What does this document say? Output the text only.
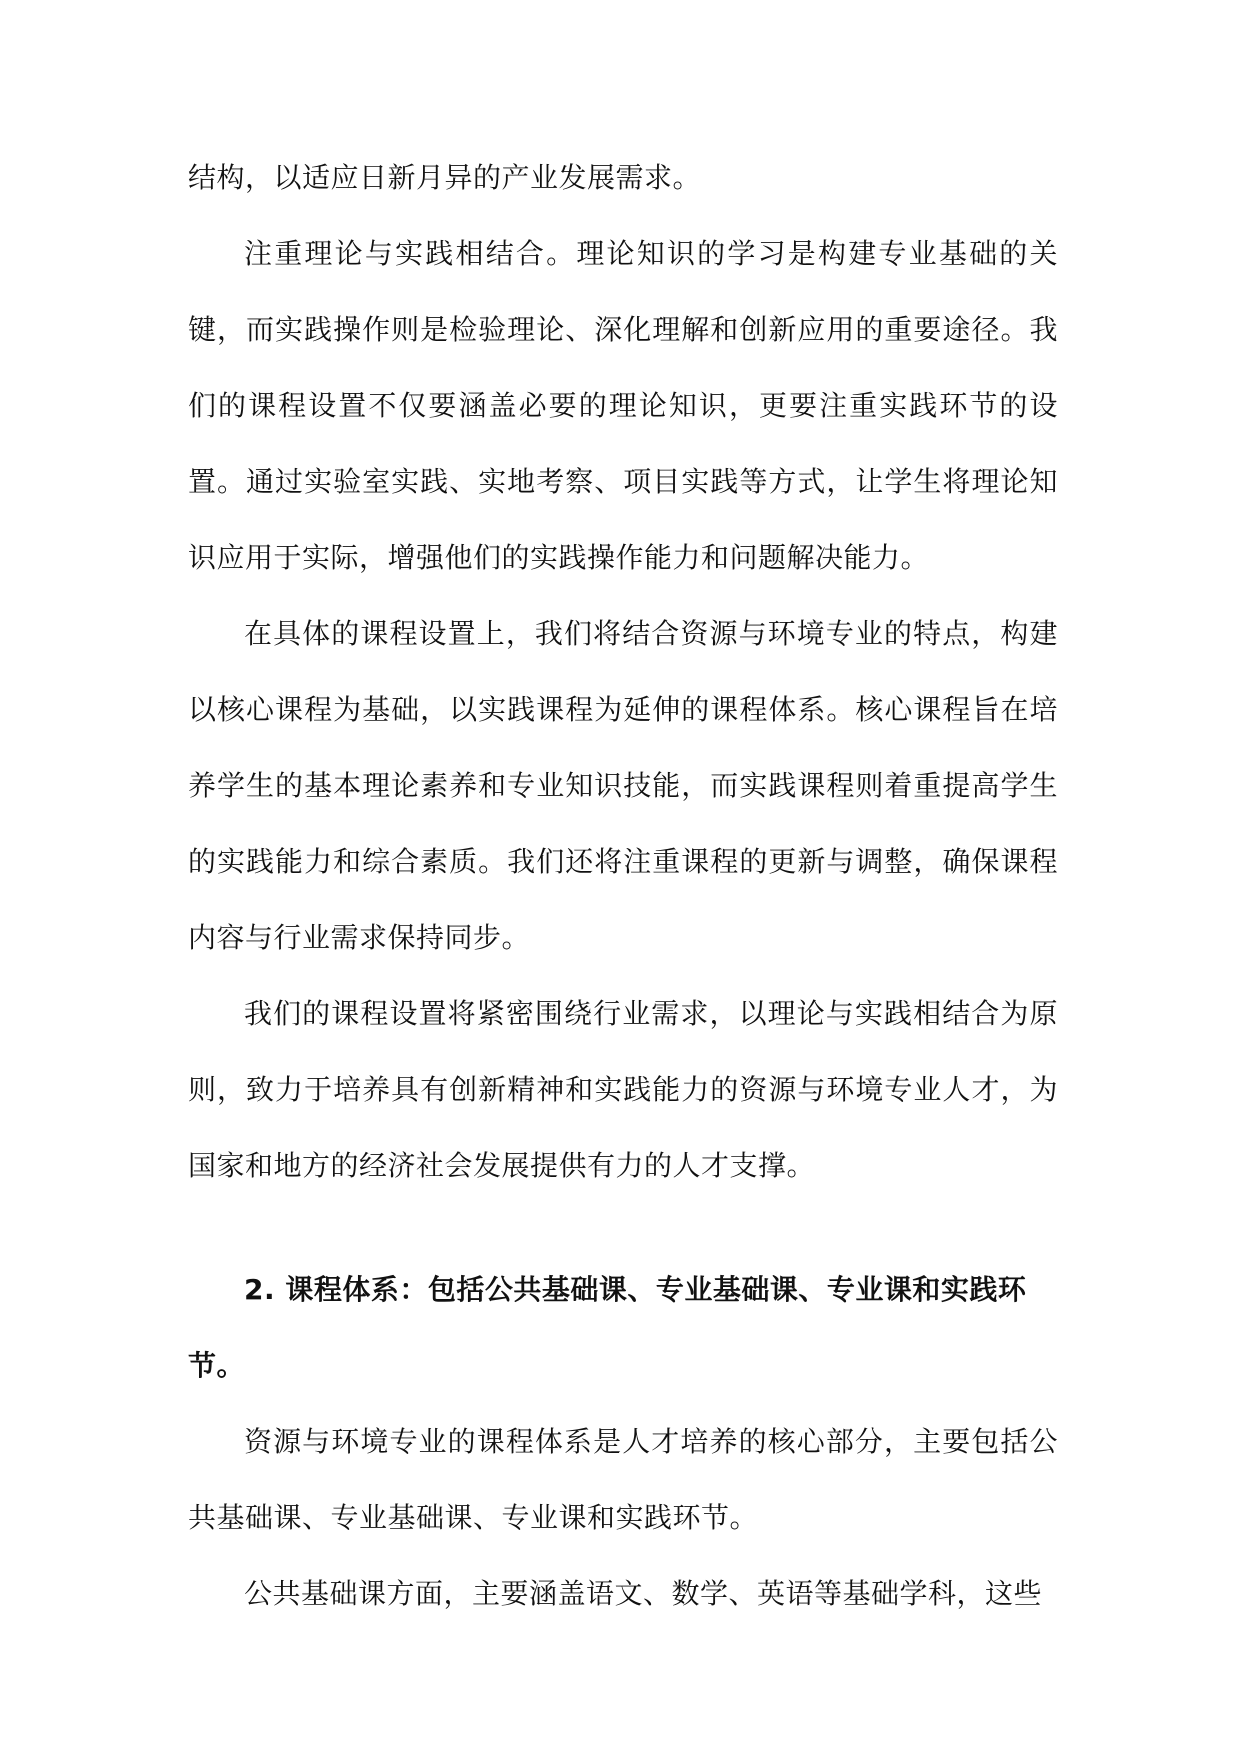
结构，以适应日新月异的产业发展需求。

注重理论与实践相结合。理论知识的学习是构建专业基础的关键，而实践操作则是检验理论、深化理解和创新应用的重要途径。我们的课程设置不仅要涵盖必要的理论知识，更要注重实践环节的设置。通过实验室实践、实地考察、项目实践等方式，让学生将理论知识应用于实际，增强他们的实践操作能力和问题解决能力。

在具体的课程设置上，我们将结合资源与环境专业的特点，构建以核心课程为基础，以实践课程为延伸的课程体系。核心课程旨在培养学生的基本理论素养和专业知识技能，而实践课程则着重提高学生的实践能力和综合素质。我们还将注重课程的更新与调整，确保课程内容与行业需求保持同步。

我们的课程设置将紧密围绕行业需求，以理论与实践相结合为原则，致力于培养具有创新精神和实践能力的资源与环境专业人才，为国家和地方的经济社会发展提供有力的人才支撑。

2. 课程体系：包括公共基础课、专业基础课、专业课和实践环节。

资源与环境专业的课程体系是人才培养的核心部分，主要包括公共基础课、专业基础课、专业课和实践环节。

公共基础课方面，主要涵盖语文、数学、英语等基础学科，这些
